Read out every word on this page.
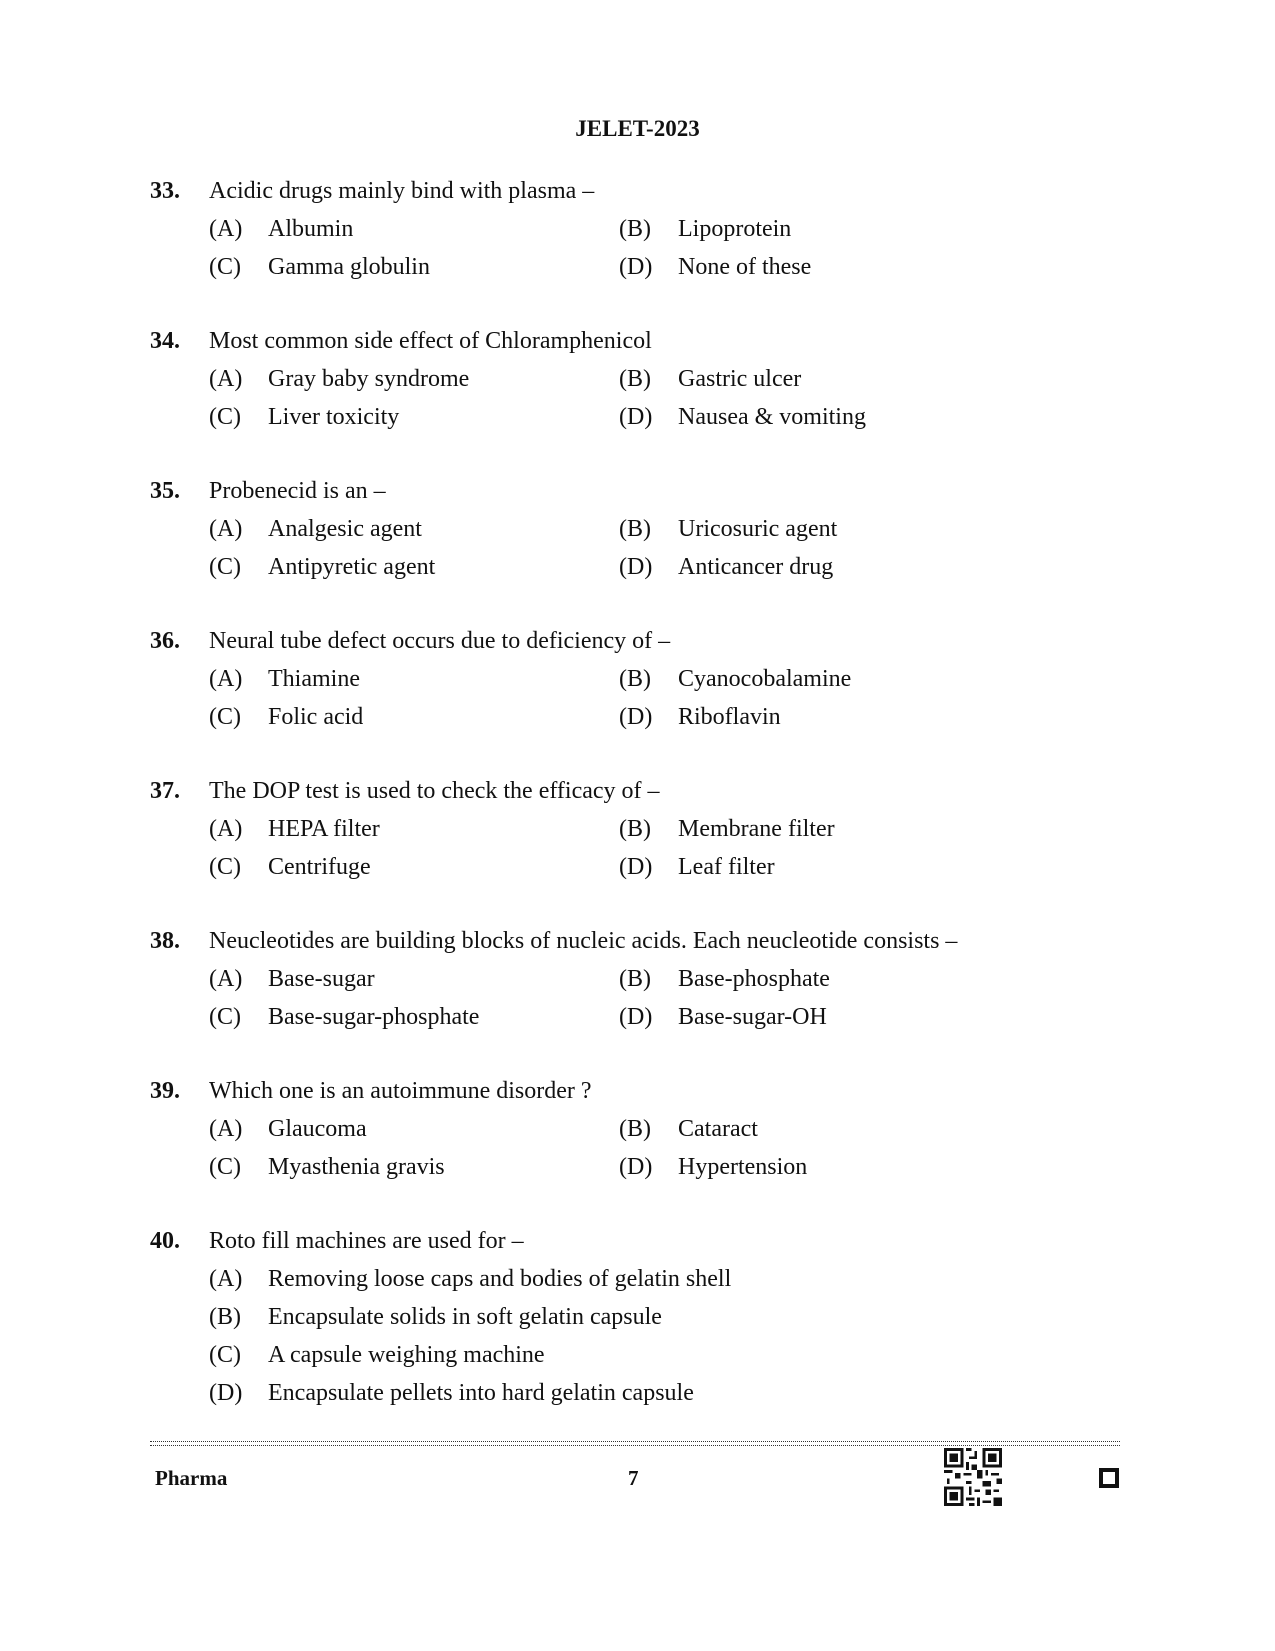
JELET-2023
33. Acidic drugs mainly bind with plasma –
(A) Albumin	(B) Lipoprotein
(C) Gamma globulin	(D) None of these
34. Most common side effect of Chloramphenicol
(A) Gray baby syndrome	(B) Gastric ulcer
(C) Liver toxicity	(D) Nausea & vomiting
35. Probenecid is an –
(A) Analgesic agent	(B) Uricosuric agent
(C) Antipyretic agent	(D) Anticancer drug
36. Neural tube defect occurs due to deficiency of –
(A) Thiamine	(B) Cyanocobalamine
(C) Folic acid	(D) Riboflavin
37. The DOP test is used to check the efficacy of –
(A) HEPA filter	(B) Membrane filter
(C) Centrifuge	(D) Leaf filter
38. Neucleotides are building blocks of nucleic acids. Each neucleotide consists –
(A) Base-sugar	(B) Base-phosphate
(C) Base-sugar-phosphate	(D) Base-sugar-OH
39. Which one is an autoimmune disorder ?
(A) Glaucoma	(B) Cataract
(C) Myasthenia gravis	(D) Hypertension
40. Roto fill machines are used for –
(A) Removing loose caps and bodies of gelatin shell
(B) Encapsulate solids in soft gelatin capsule
(C) A capsule weighing machine
(D) Encapsulate pellets into hard gelatin capsule
Pharma	7
